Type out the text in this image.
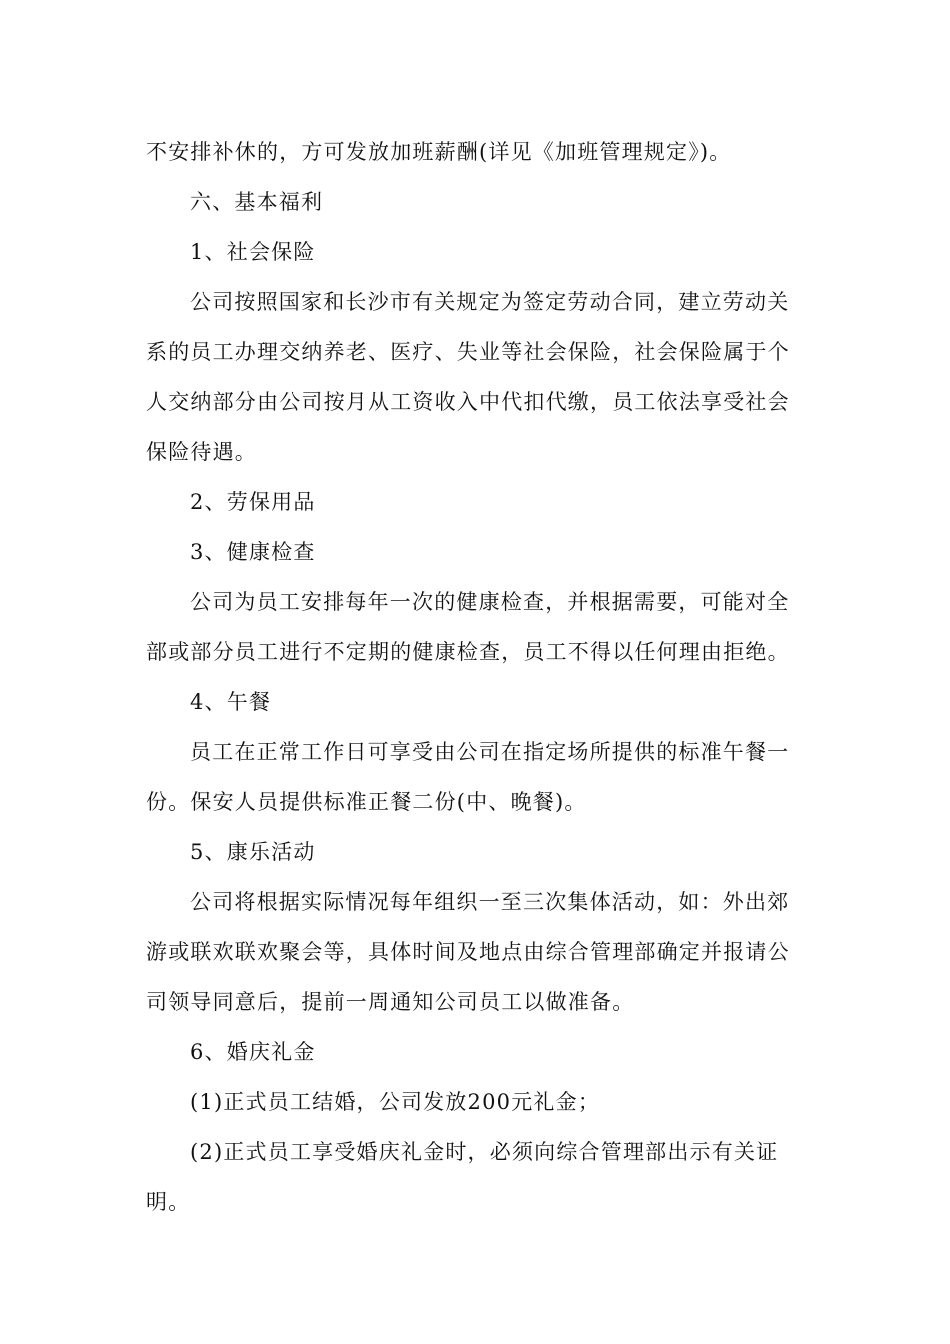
不安排补休的，方可发放加班薪酬(详见《加班管理规定》)。
六、基本福利
1、社会保险
公司按照国家和长沙市有关规定为签定劳动合同，建立劳动关
系的员工办理交纳养老、医疗、失业等社会保险，社会保险属于个
人交纳部分由公司按月从工资收入中代扣代缴，员工依法享受社会
保险待遇。
2、劳保用品
3、健康检查
公司为员工安排每年一次的健康检查，并根据需要，可能对全
部或部分员工进行不定期的健康检查，员工不得以任何理由拒绝。
4、午餐
员工在正常工作日可享受由公司在指定场所提供的标准午餐一
份。保安人员提供标准正餐二份(中、晚餐)。
5、康乐活动
公司将根据实际情况每年组织一至三次集体活动，如：外出郊
游或联欢联欢聚会等，具体时间及地点由综合管理部确定并报请公
司领导同意后，提前一周通知公司员工以做准备。
6、婚庆礼金
(1)正式员工结婚，公司发放200元礼金；
(2)正式员工享受婚庆礼金时，必须向综合管理部出示有关证
明。
